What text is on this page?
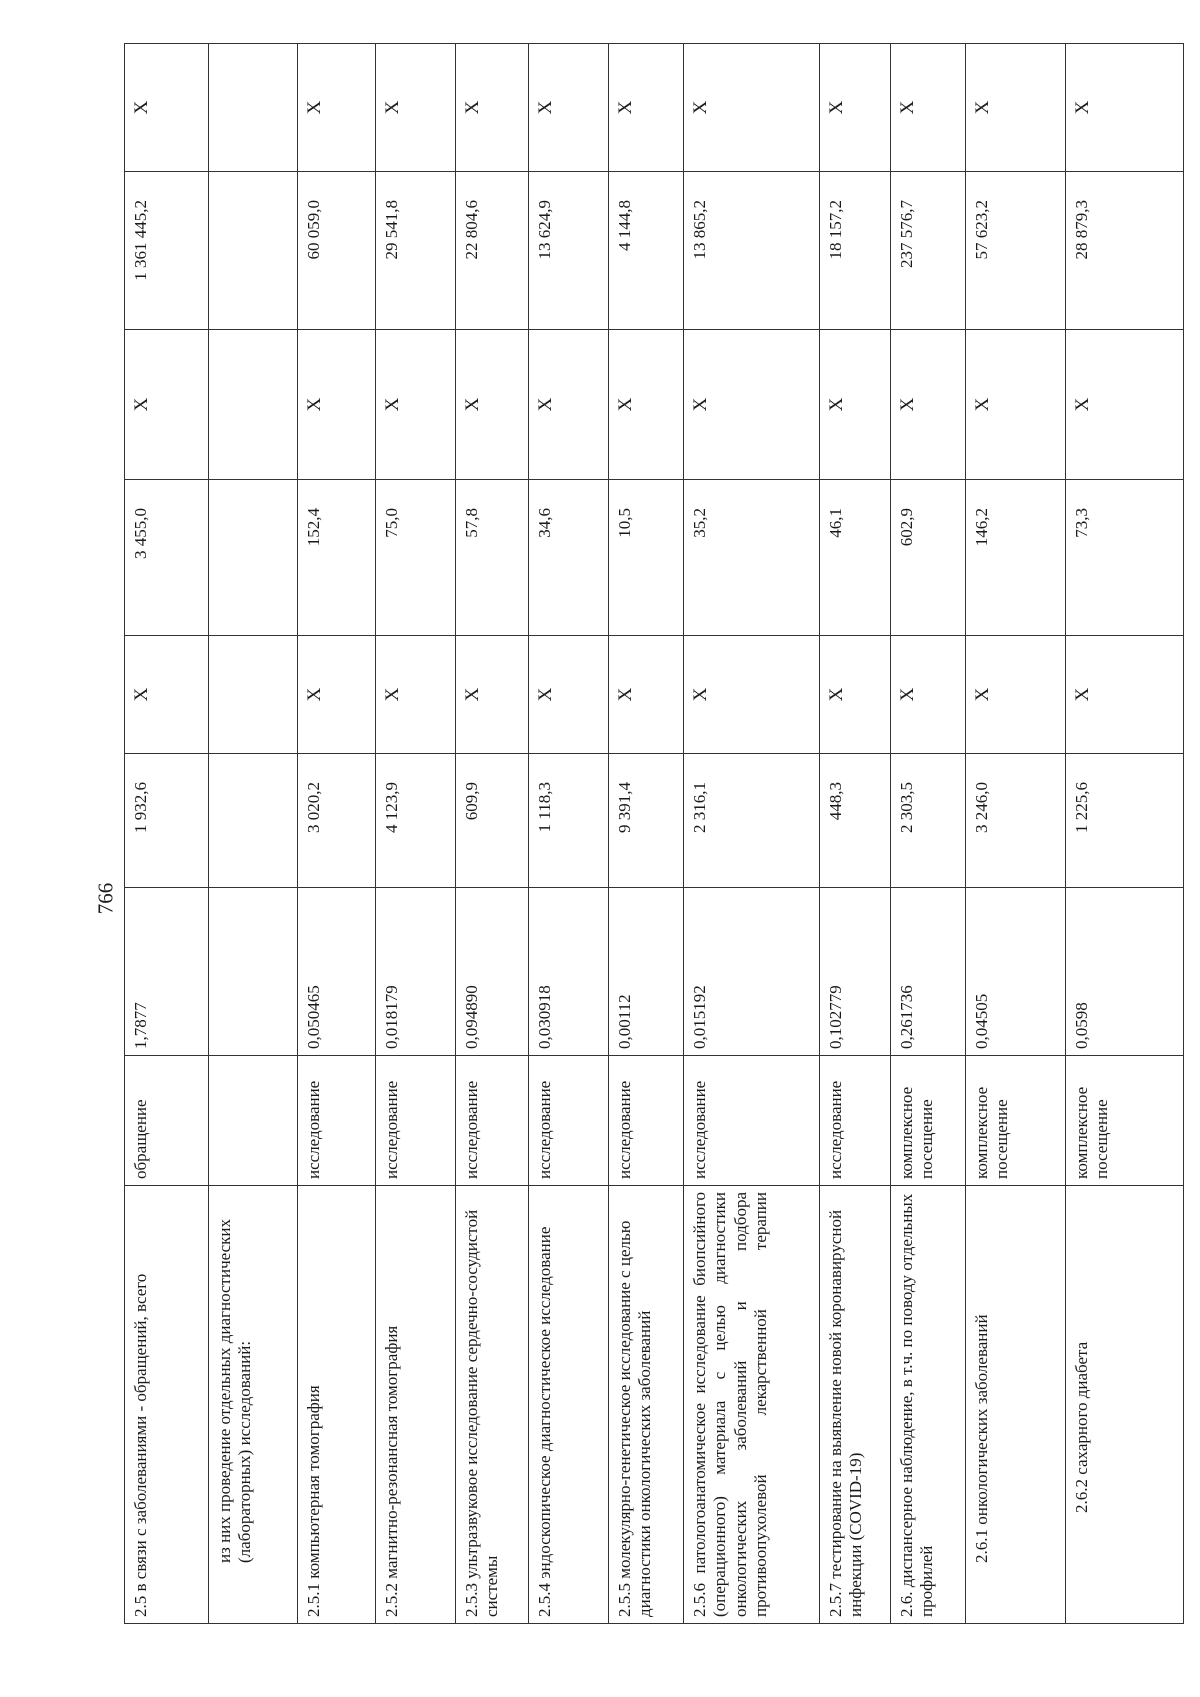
766
2.5 в связи с заболеваниями - обращений, всего	обращение	1,7877	1 932,6	X	3 455,0	X	1 361 445,2	X
из них проведение отдельных диагностических (лабораторных) исследований:								
2.5.1 компьютерная томография	исследование	0,050465	3 020,2	X	152,4	X	60 059,0	X
2.5.2 магнитно-резонансная томография	исследование	0,018179	4 123,9	X	75,0	X	29 541,8	X
2.5.3 ультразвуковое исследование сердечно-сосудистой системы	исследование	0,094890	609,9	X	57,8	X	22 804,6	X
2.5.4 эндоскопическое диагностическое исследование	исследование	0,030918	1 118,3	X	34,6	X	13 624,9	X
2.5.5 молекулярно-генетическое исследование с целью диагностики онкологических заболеваний	исследование	0,00112	9 391,4	X	10,5	X	4 144,8	X
2.5.6 патологоанатомическое исследование биопсийного (операционного) материала с целью диагностики онкологических заболеваний и подбора противоопухолевой лекарственной терапии	исследование	0,015192	2 316,1	X	35,2	X	13 865,2	X
2.5.7 тестирование на выявление новой коронавирусной инфекции (COVID-19)	исследование	0,102779	448,3	X	46,1	X	18 157,2	X
2.6. диспансерное наблюдение, в т.ч. по поводу отдельных профилей	комплексное посещение	0,261736	2 303,5	X	602,9	X	237 576,7	X
2.6.1 онкологических заболеваний	комплексное посещение	0,04505	3 246,0	X	146,2	X	57 623,2	X
2.6.2 сахарного диабета	комплексное посещение	0,0598	1 225,6	X	73,3	X	28 879,3	X
